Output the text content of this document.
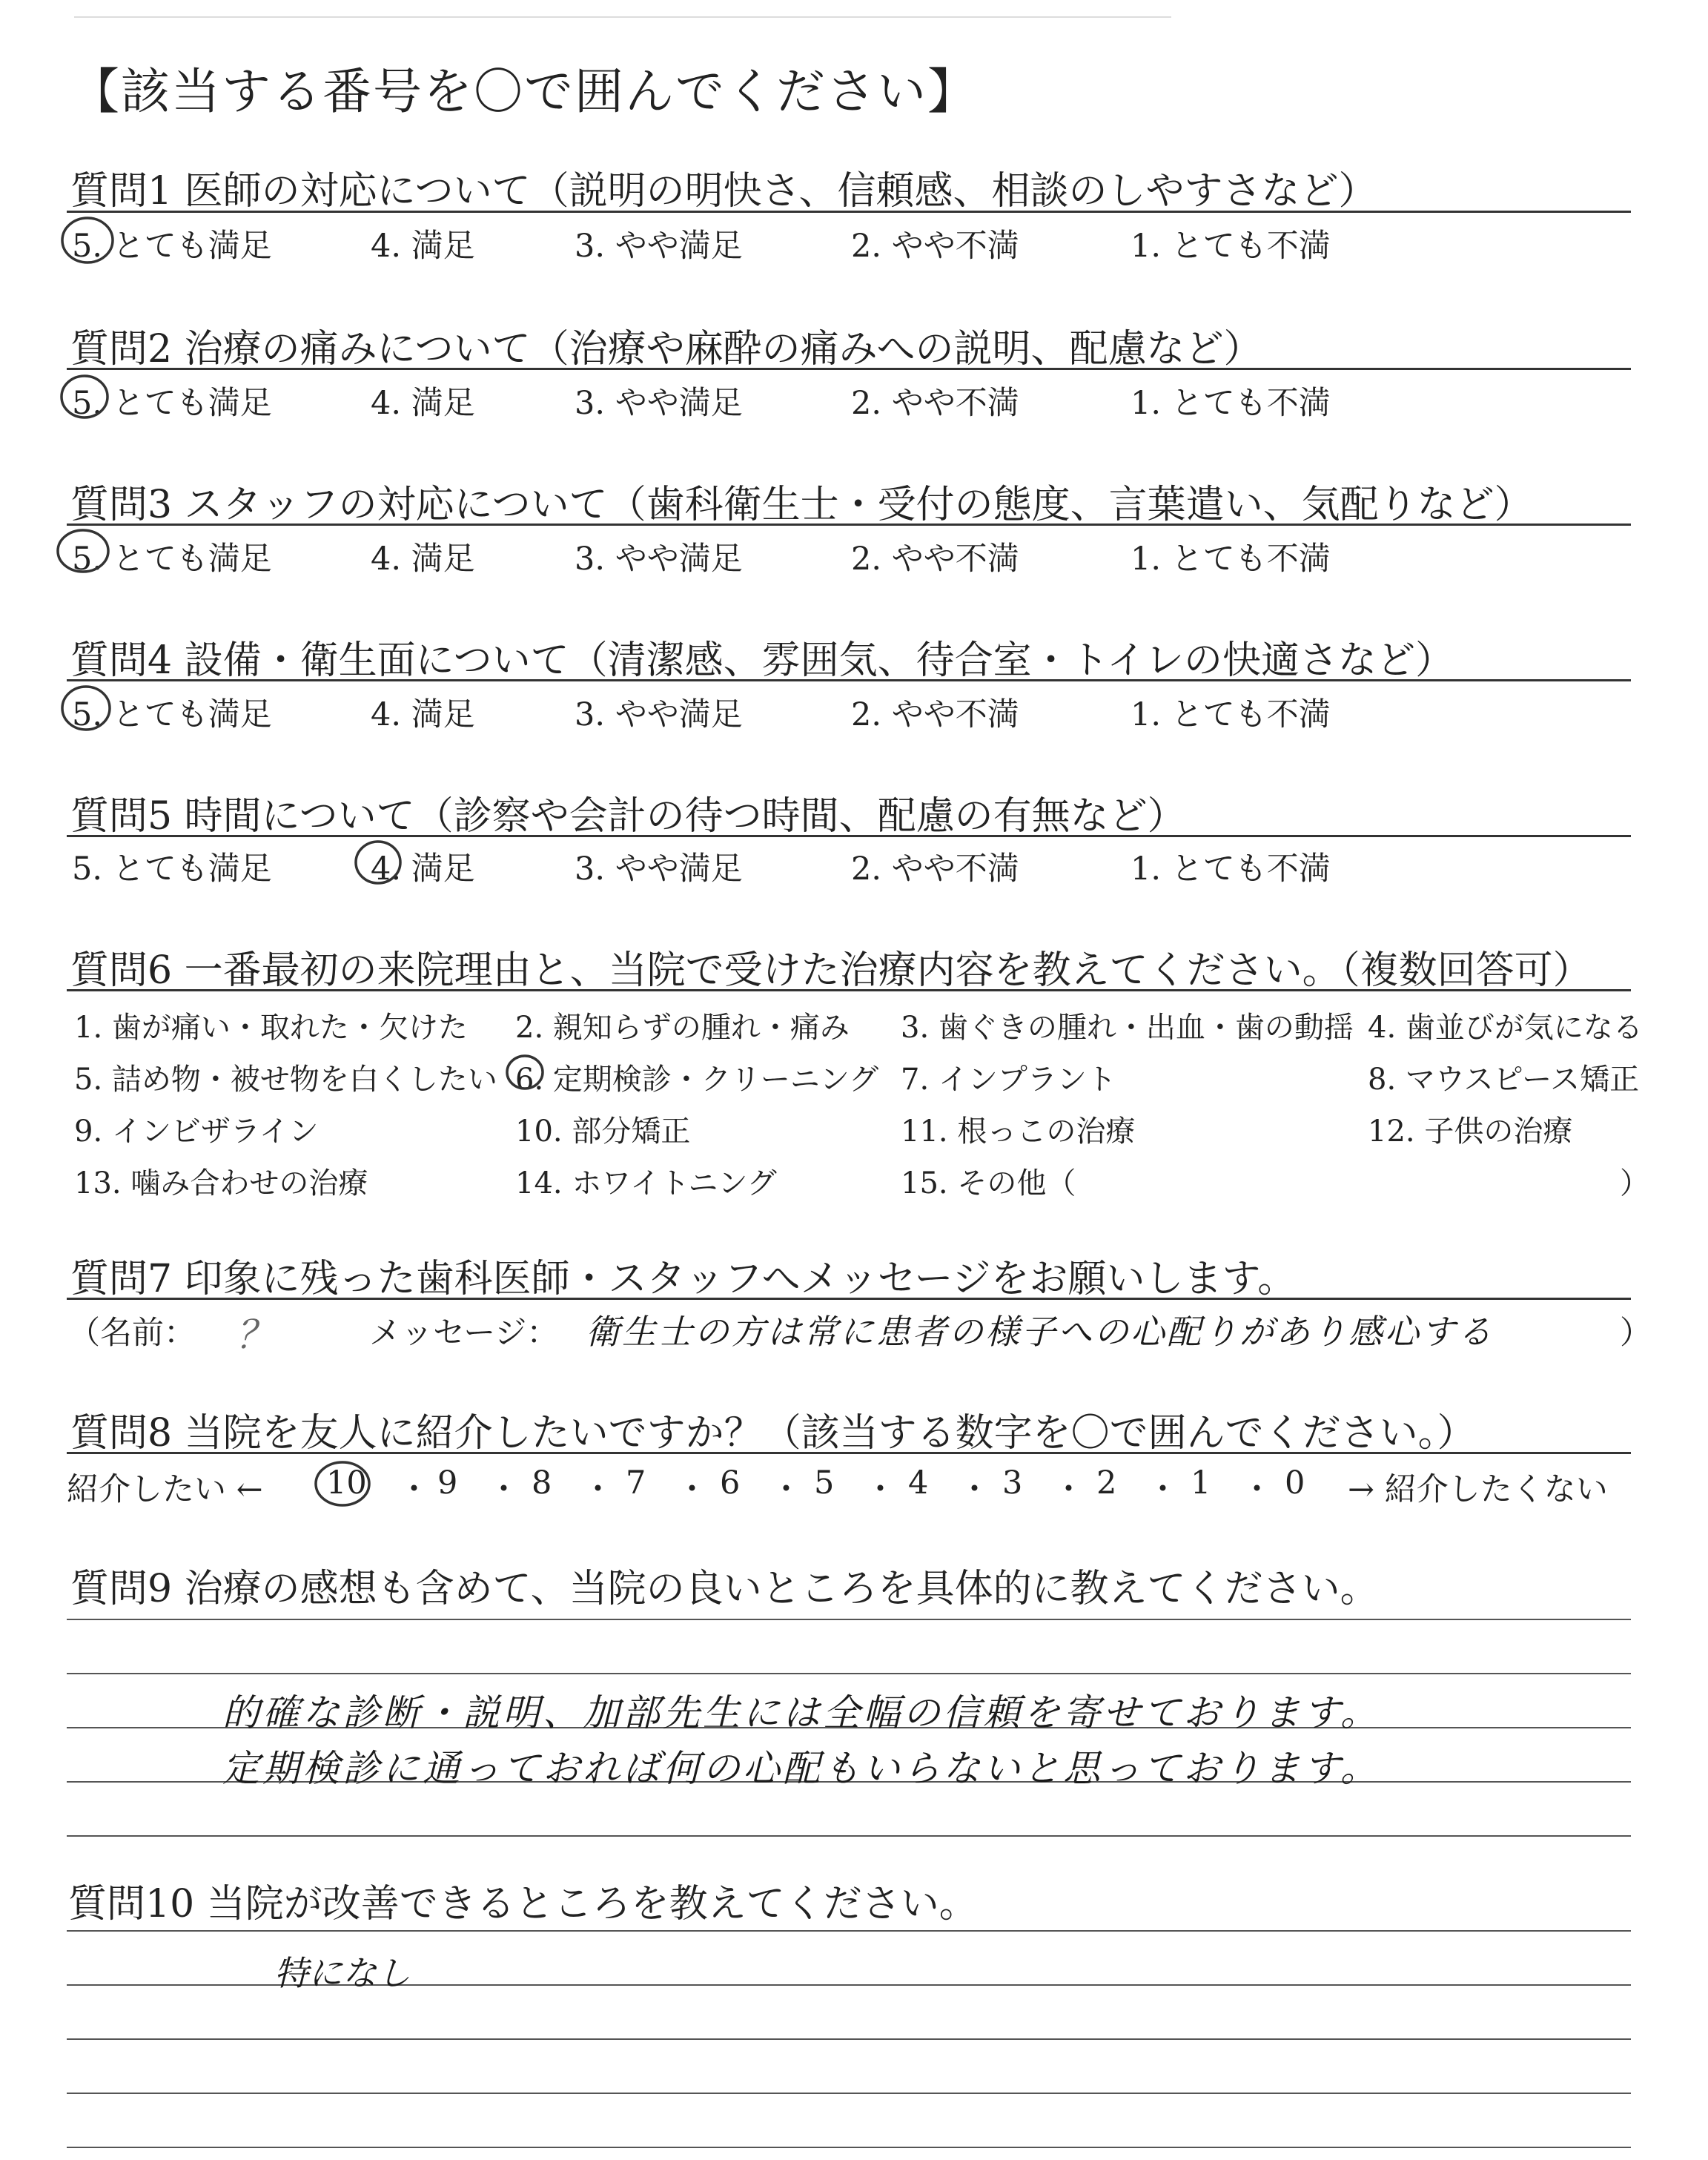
【該当する番号を〇で囲んでください】
質問1 医師の対応について（説明の明快さ、信頼感、相談のしやすさなど）
5. とても満足	4. 満足	3. やや満足	2. やや不満	1. とても不満
質問2 治療の痛みについて（治療や麻酔の痛みへの説明、配慮など）
5. とても満足	4. 満足	3. やや満足	2. やや不満	1. とても不満
質問3 スタッフの対応について（歯科衛生士・受付の態度、言葉遣い、気配りなど）
5. とても満足	4. 満足	3. やや満足	2. やや不満	1. とても不満
質問4 設備・衛生面について（清潔感、雰囲気、待合室・トイレの快適さなど）
5. とても満足	4. 満足	3. やや満足	2. やや不満	1. とても不満
質問5 時間について（診察や会計の待つ時間、配慮の有無など）
5. とても満足	4. 満足	3. やや満足	2. やや不満	1. とても不満
質問6 一番最初の来院理由と、当院で受けた治療内容を教えてください。（複数回答可）
1. 歯が痛い・取れた・欠けた 2. 親知らずの腫れ・痛み 3. 歯ぐきの腫れ・出血・歯の動揺 4. 歯並びが気になる
5. 詰め物・被せ物を白くしたい 6. 定期検診・クリーニング 7. インプラント	8. マウスピース矯正
9. インビザライン	10. 部分矯正	11. 根っこの治療	12. 子供の治療
13. 噛み合わせの治療	14. ホワイトニング	15. その他（	）
質問7 印象に残った歯科医師・スタッフへメッセージをお願いします。
（名前： ？	メッセージ： 衛生士の方は常に患者の様子への心配りがあり感心する	）
質問8 当院を友人に紹介したいですか？（該当する数字を〇で囲んでください。）
紹介したい ← 10 ・ 9 ・ 8 ・ 7 ・ 6 ・ 5 ・ 4 ・ 3 ・ 2 ・ 1 ・ 0 → 紹介したくない
質問9 治療の感想も含めて、当院の良いところを具体的に教えてください。
的確な診断・説明、加部先生には全幅の信頼を寄せております。
定期検診に通っておれば何の心配もいらないと思っております。
質問10 当院が改善できるところを教えてください。
特になし
